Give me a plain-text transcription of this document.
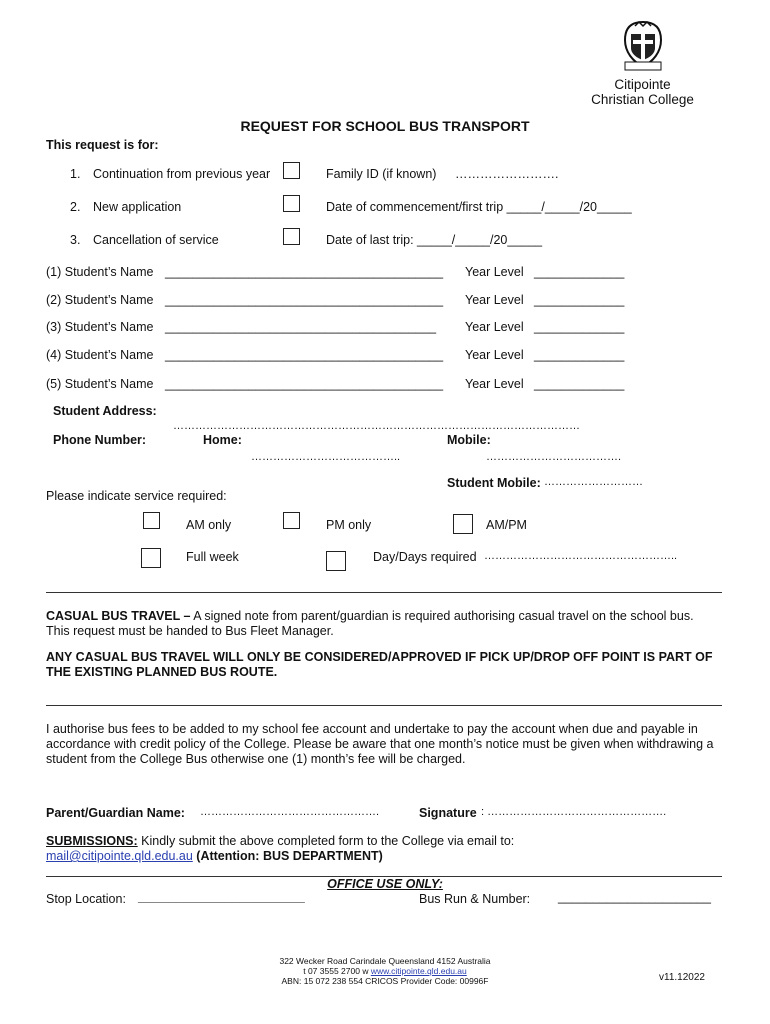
Citipointe
Christian College
REQUEST FOR SCHOOL BUS TRANSPORT
This request is for:
1. Continuation from previous year	Family ID (if known) …………………….
2. New application	Date of commencement/first trip _____/_____/20_____
3. Cancellation of service	Date of last trip: _____/_____/20_____
(1) Student’s Name ________________________________________ Year Level _____________
(2) Student’s Name ________________________________________ Year Level _____________
(3) Student’s Name _______________________________________ Year Level _____________
(4) Student’s Name ________________________________________ Year Level _____________
(5) Student’s Name ________________________________________ Year Level _____________
Student Address:
…………………………………………………………………………………………………
Phone Number:	Home:
…………………………………..
Mobile:
……………………………….
Student Mobile: ………………………
Please indicate service required:
AM only	PM only	AM/PM
Full week	Day/Days required ……………………………………………..
CASUAL BUS TRAVEL – A signed note from parent/guardian is required authorising casual travel on the school bus.
This request must be handed to Bus Fleet Manager.
ANY CASUAL BUS TRAVEL WILL ONLY BE CONSIDERED/APPROVED IF PICK UP/DROP OFF POINT IS PART OF THE EXISTING PLANNED BUS ROUTE.
I authorise bus fees to be added to my school fee account and undertake to pay the account when due and payable in accordance with credit policy of the College. Please be aware that one month’s notice must be given when withdrawing a student from the College Bus otherwise one (1) month’s fee will be charged.
Parent/Guardian Name: ………………………………………….	Signature : ………………………………………….
SUBMISSIONS: Kindly submit the above completed form to the College via email to:
mail@citipointe.qld.edu.au (Attention: BUS DEPARTMENT)
OFFICE USE ONLY:
Stop Location: ________________________	Bus Run & Number: ______________________
322 Wecker Road Carindale Queensland 4152 Australia
t 07 3555 2700 w www.citipointe.qld.edu.au
ABN: 15 072 238 554 CRICOS Provider Code: 00996F	v11.12022
